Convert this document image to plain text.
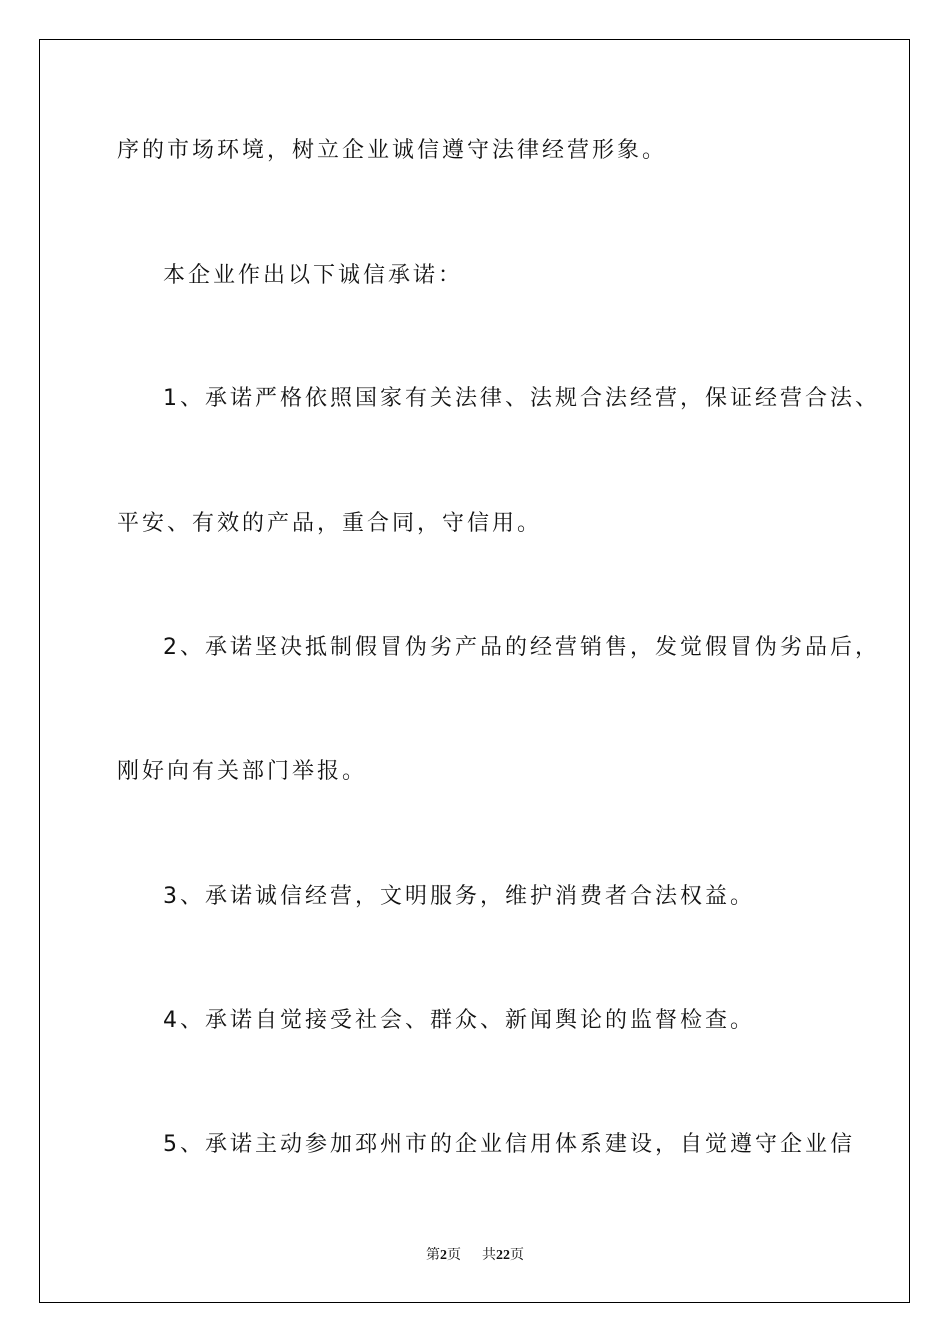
序的市场环境，树立企业诚信遵守法律经营形象。
本企业作出以下诚信承诺：
1、承诺严格依照国家有关法律、法规合法经营，保证经营合法、
平安、有效的产品，重合同，守信用。
2、承诺坚决抵制假冒伪劣产品的经营销售，发觉假冒伪劣品后，
刚好向有关部门举报。
3、承诺诚信经营，文明服务，维护消费者合法权益。
4、承诺自觉接受社会、群众、新闻舆论的监督检查。
5、承诺主动参加邳州市的企业信用体系建设，自觉遵守企业信
第2页 共22页
